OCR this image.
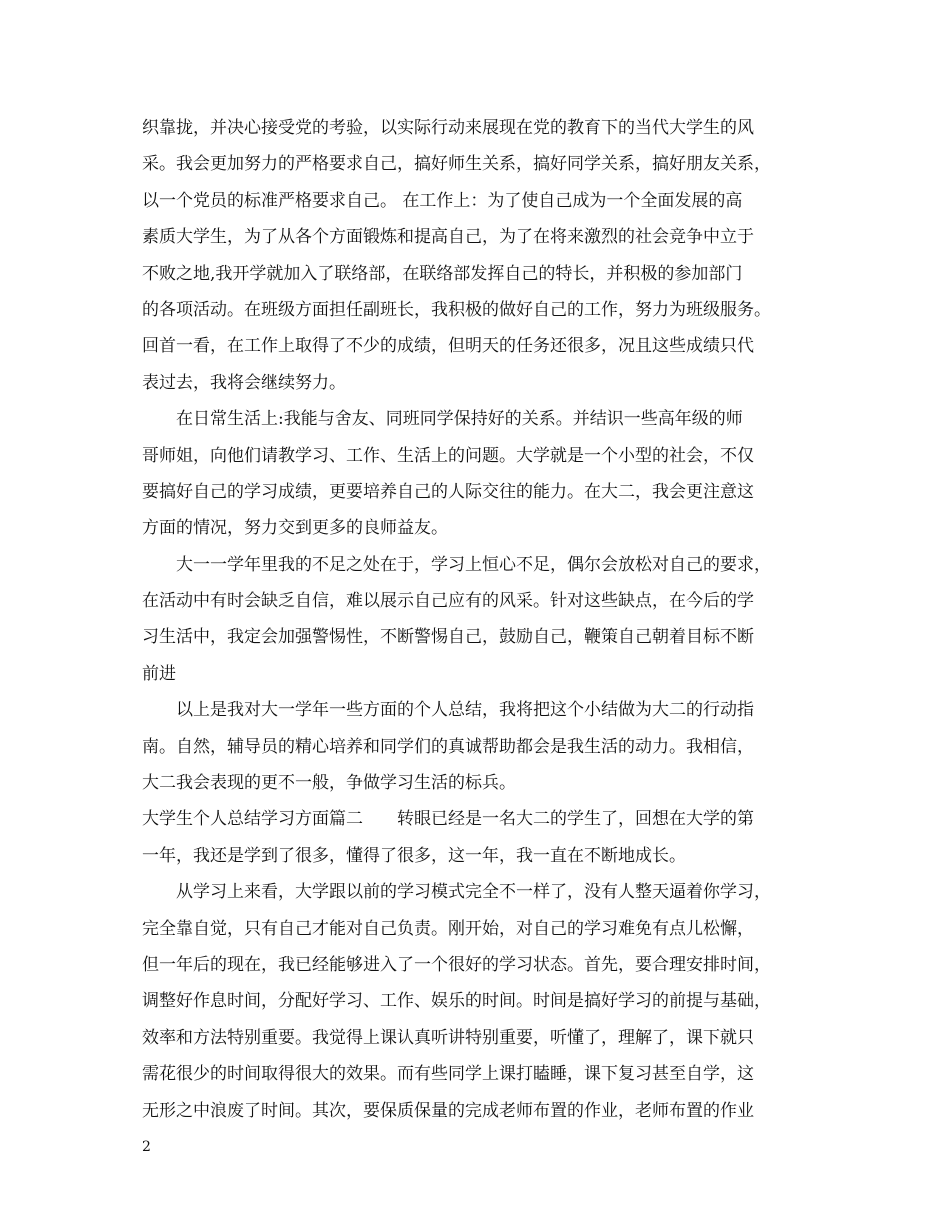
织靠拢，并决心接受党的考验，以实际行动来展现在党的教育下的当代大学生的风
采。我会更加努力的严格要求自己，搞好师生关系，搞好同学关系，搞好朋友关系，
以一个党员的标准严格要求自己。 在工作上：为了使自己成为一个全面发展的高
素质大学生，为了从各个方面锻炼和提高自己，为了在将来激烈的社会竞争中立于
不败之地,我开学就加入了联络部，在联络部发挥自己的特长，并积极的参加部门
的各项活动。在班级方面担任副班长，我积极的做好自己的工作，努力为班级服务。
回首一看，在工作上取得了不少的成绩，但明天的任务还很多，况且这些成绩只代
表过去，我将会继续努力。
　　在日常生活上:我能与舍友、同班同学保持好的关系。并结识一些高年级的师
哥师姐，向他们请教学习、工作、生活上的问题。大学就是一个小型的社会，不仅
要搞好自己的学习成绩，更要培养自己的人际交往的能力。在大二，我会更注意这
方面的情况，努力交到更多的良师益友。
　　大一一学年里我的不足之处在于，学习上恒心不足，偶尔会放松对自己的要求，
在活动中有时会缺乏自信，难以展示自己应有的风采。针对这些缺点，在今后的学
习生活中，我定会加强警惕性，不断警惕自己，鼓励自己，鞭策自己朝着目标不断
前进
　　以上是我对大一学年一些方面的个人总结，我将把这个小结做为大二的行动指
南。自然，辅导员的精心培养和同学们的真诚帮助都会是我生活的动力。我相信，
大二我会表现的更不一般，争做学习生活的标兵。
大学生个人总结学习方面篇二　　转眼已经是一名大二的学生了，回想在大学的第
一年，我还是学到了很多，懂得了很多，这一年，我一直在不断地成长。
　　从学习上来看，大学跟以前的学习模式完全不一样了，没有人整天逼着你学习，
完全靠自觉，只有自己才能对自己负责。刚开始，对自己的学习难免有点儿松懈，
但一年后的现在，我已经能够进入了一个很好的学习状态。首先，要合理安排时间，
调整好作息时间，分配好学习、工作、娱乐的时间。时间是搞好学习的前提与基础，
效率和方法特别重要。我觉得上课认真听讲特别重要，听懂了，理解了，课下就只
需花很少的时间取得很大的效果。而有些同学上课打瞌睡，课下复习甚至自学，这
无形之中浪废了时间。其次，要保质保量的完成老师布置的作业，老师布置的作业
2
